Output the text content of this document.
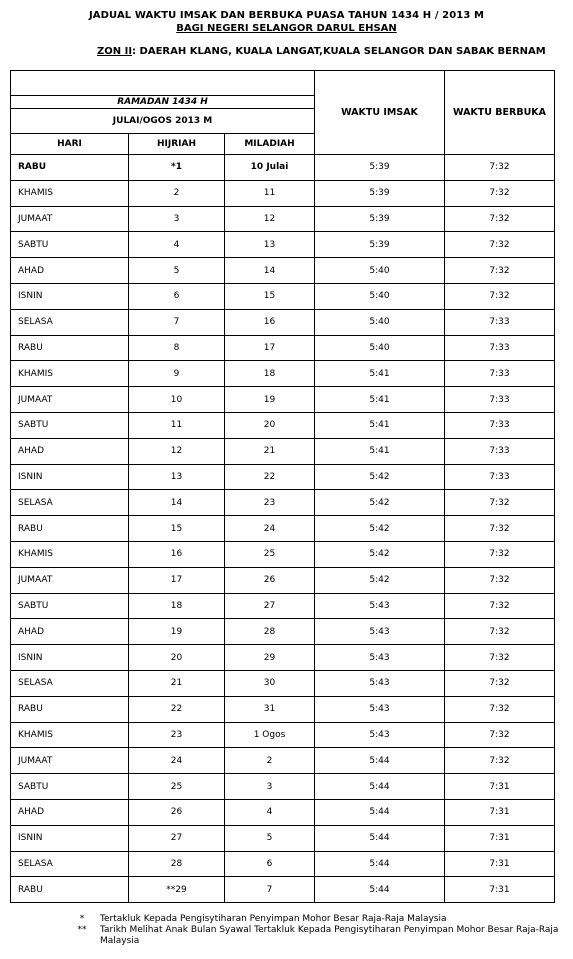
JADUAL WAKTU IMSAK DAN BERBUKA PUASA TAHUN 1434 H / 2013 M
BAGI NEGERI SELANGOR DARUL EHSAN
ZON II: DAERAH KLANG, KUALA LANGAT,KUALA SELANGOR DAN SABAK BERNAM
			WAKTU IMSAK	WAKTU BERBUKA
RAMADAN 1434 H				
JULAI/OGOS 2013 M				
HARI	HIJRIAH	MILADIAH		
RABU	*1	10 Julai	5:39	7:32
KHAMIS	2	11	5:39	7:32
JUMAAT	3	12	5:39	7:32
SABTU	4	13	5:39	7:32
AHAD	5	14	5:40	7:32
ISNIN	6	15	5:40	7:32
SELASA	7	16	5:40	7:33
RABU	8	17	5:40	7:33
KHAMIS	9	18	5:41	7:33
JUMAAT	10	19	5:41	7:33
SABTU	11	20	5:41	7:33
AHAD	12	21	5:41	7:33
ISNIN	13	22	5:42	7:33
SELASA	14	23	5:42	7:32
RABU	15	24	5:42	7:32
KHAMIS	16	25	5:42	7:32
JUMAAT	17	26	5:42	7:32
SABTU	18	27	5:43	7:32
AHAD	19	28	5:43	7:32
ISNIN	20	29	5:43	7:32
SELASA	21	30	5:43	7:32
RABU	22	31	5:43	7:32
KHAMIS	23	1 Ogos	5:43	7:32
JUMAAT	24	2	5:44	7:32
SABTU	25	3	5:44	7:31
AHAD	26	4	5:44	7:31
ISNIN	27	5	5:44	7:31
SELASA	28	6	5:44	7:31
RABU	**29	7	5:44	7:31
*	Tertakluk Kepada Pengisytiharan Penyimpan Mohor Besar Raja-Raja Malaysia
**	Tarikh Melihat Anak Bulan Syawal Tertakluk Kepada Pengisytiharan Penyimpan Mohor Besar Raja-Raja Malaysia
